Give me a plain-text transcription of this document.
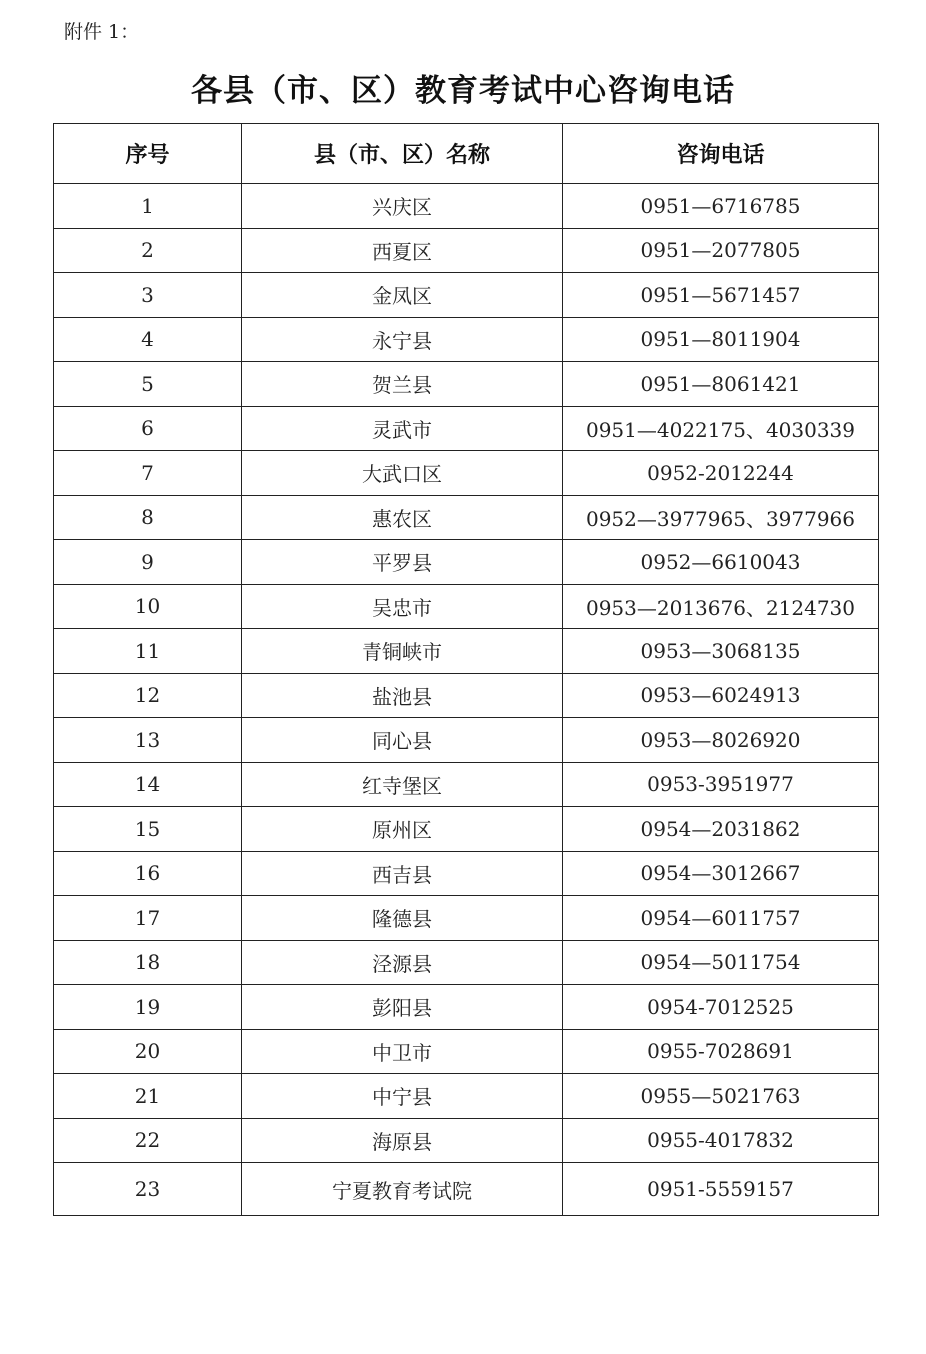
附件 1：
各县（市、区）教育考试中心咨询电话
序号	县（市、区）名称	咨询电话
1	兴庆区	0951—6716785
2	西夏区	0951—2077805
3	金凤区	0951—5671457
4	永宁县	0951—8011904
5	贺兰县	0951—8061421
6	灵武市	0951—4022175、4030339
7	大武口区	0952-2012244
8	惠农区	0952—3977965、3977966
9	平罗县	0952—6610043
10	吴忠市	0953—2013676、2124730
11	青铜峡市	0953—3068135
12	盐池县	0953—6024913
13	同心县	0953—8026920
14	红寺堡区	0953-3951977
15	原州区	0954—2031862
16	西吉县	0954—3012667
17	隆德县	0954—6011757
18	泾源县	0954—5011754
19	彭阳县	0954-7012525
20	中卫市	0955-7028691
21	中宁县	0955—5021763
22	海原县	0955-4017832
23	宁夏教育考试院	0951-5559157
